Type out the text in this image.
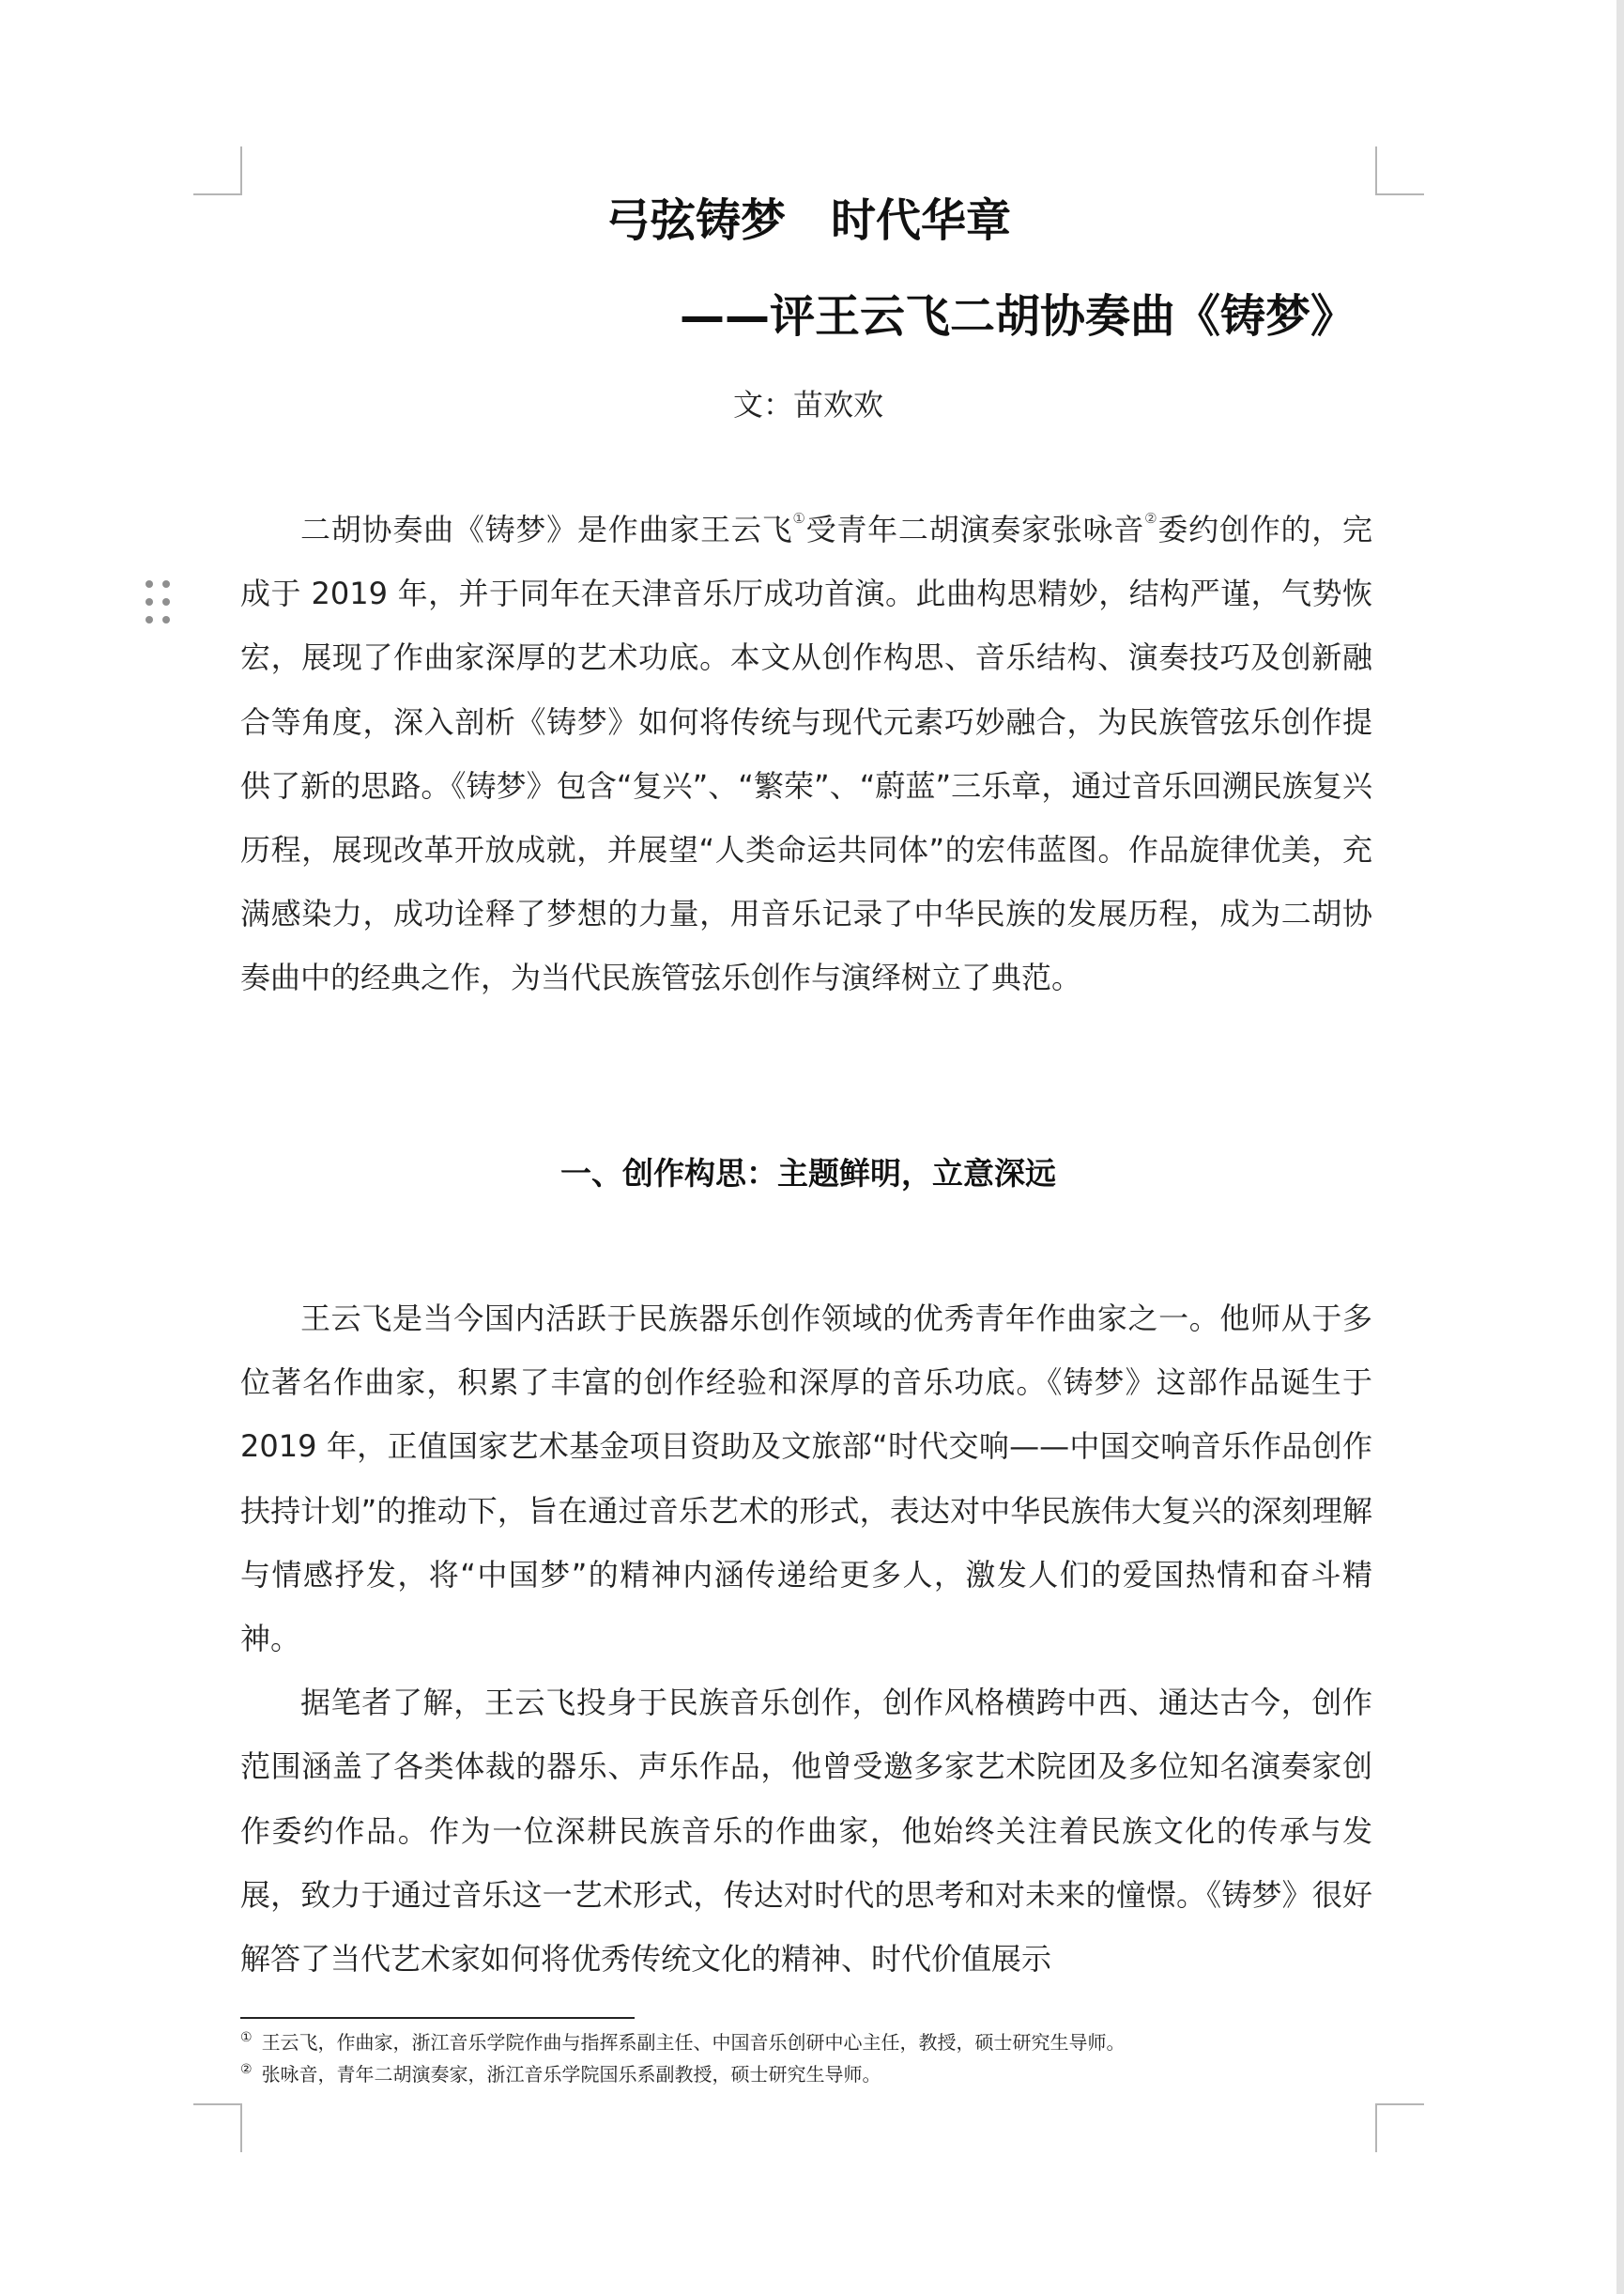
弓弦铸梦　时代华章
——评王云飞二胡协奏曲《铸梦》
文：苗欢欢

二胡协奏曲《铸梦》是作曲家王云飞①受青年二胡演奏家张咏音②委约创作的，完成于 2019 年，并于同年在天津音乐厅成功首演。此曲构思精妙，结构严谨，气势恢宏，展现了作曲家深厚的艺术功底。本文从创作构思、音乐结构、演奏技巧及创新融合等角度，深入剖析《铸梦》如何将传统与现代元素巧妙融合，为民族管弦乐创作提供了新的思路。《铸梦》包含“复兴”、“繁荣”、“蔚蓝”三乐章，通过音乐回溯民族复兴历程，展现改革开放成就，并展望“人类命运共同体”的宏伟蓝图。作品旋律优美，充满感染力，成功诠释了梦想的力量，用音乐记录了中华民族的发展历程，成为二胡协奏曲中的经典之作，为当代民族管弦乐创作与演绎树立了典范。

一、创作构思：主题鲜明，立意深远

王云飞是当今国内活跃于民族器乐创作领域的优秀青年作曲家之一。他师从于多位著名作曲家，积累了丰富的创作经验和深厚的音乐功底。《铸梦》这部作品诞生于 2019 年，正值国家艺术基金项目资助及文旅部“时代交响——中国交响音乐作品创作扶持计划”的推动下，旨在通过音乐艺术的形式，表达对中华民族伟大复兴的深刻理解与情感抒发，将“中国梦”的精神内涵传递给更多人，激发人们的爱国热情和奋斗精神。

据笔者了解，王云飞投身于民族音乐创作，创作风格横跨中西、通达古今，创作范围涵盖了各类体裁的器乐、声乐作品，他曾受邀多家艺术院团及多位知名演奏家创作委约作品。作为一位深耕民族音乐的作曲家，他始终关注着民族文化的传承与发展，致力于通过音乐这一艺术形式，传达对时代的思考和对未来的憧憬。《铸梦》很好解答了当代艺术家如何将优秀传统文化的精神、时代价值展示

① 王云飞，作曲家，浙江音乐学院作曲与指挥系副主任、中国音乐创研中心主任，教授，硕士研究生导师。
② 张咏音，青年二胡演奏家，浙江音乐学院国乐系副教授，硕士研究生导师。
